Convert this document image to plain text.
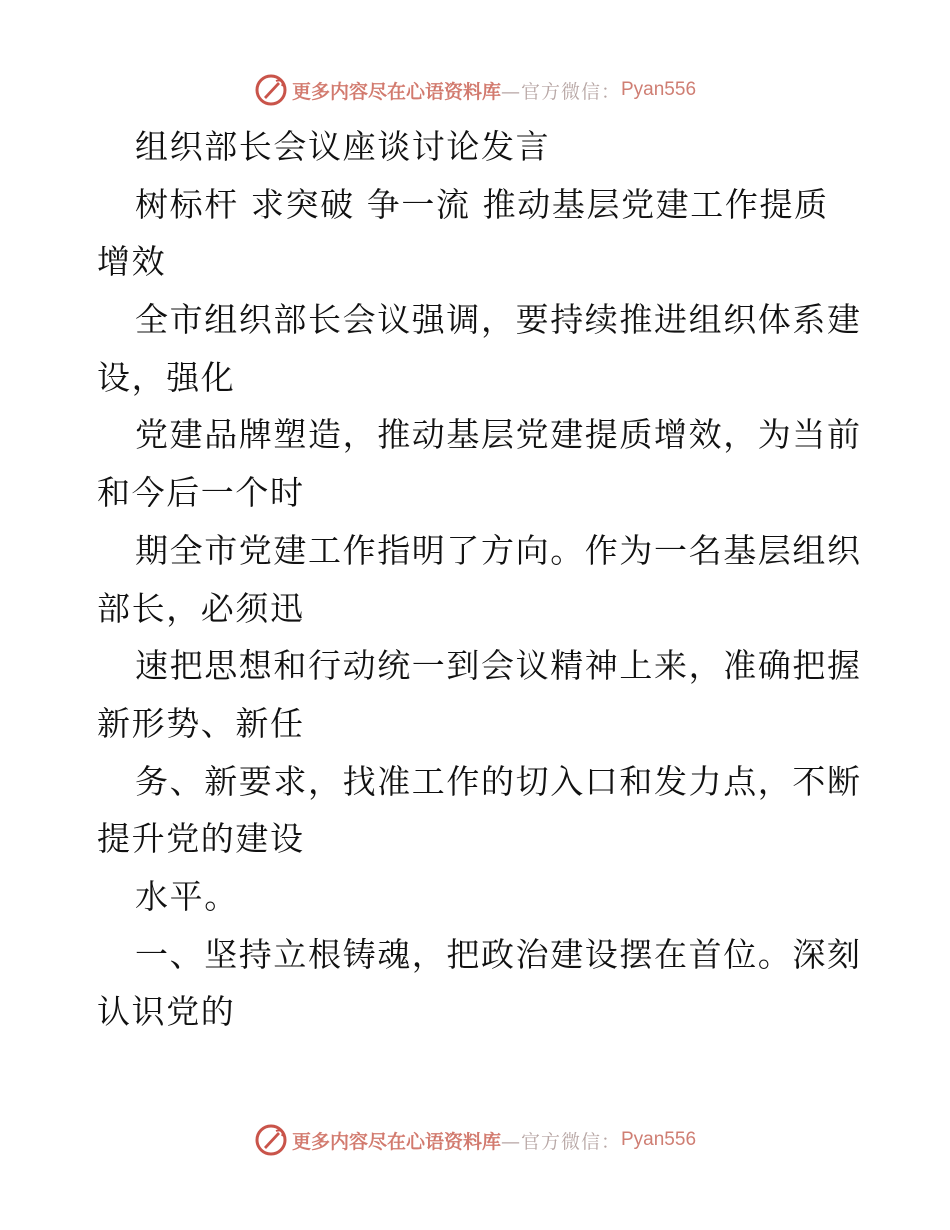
更多内容尽在心语资料库 —官方微信： Pyan556
组织部长会议座谈讨论发言
树标杆 求突破 争一流 推动基层党建工作提质
增效
全市组织部长会议强调，要持续推进组织体系建
设，强化
党建品牌塑造，推动基层党建提质增效，为当前
和今后一个时
期全市党建工作指明了方向。作为一名基层组织
部长，必须迅
速把思想和行动统一到会议精神上来，准确把握
新形势、新任
务、新要求，找准工作的切入口和发力点，不断
提升党的建设
水平。
一、坚持立根铸魂，把政治建设摆在首位。深刻
认识党的
更多内容尽在心语资料库 —官方微信： Pyan556
